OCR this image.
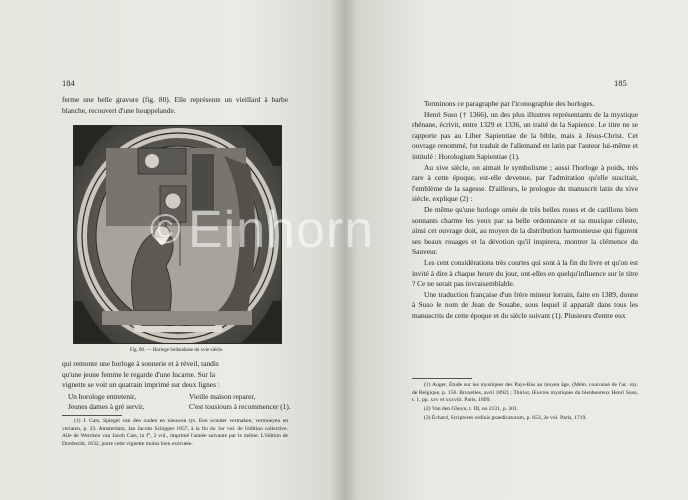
184

ferme une belle gravure (fig. 80). Elle représente un vieillard à barbe blanche, recouvert d'une houppelande.

Fig. 80. — Horloge hollandaise du xvie siècle.

qui remonte une horloge à sonnerie et à réveil, tandis

qu'une jeune femme le regarde d'une lucarne. Sur la

vignette se voit un quatrain imprimé sur deux lignes :

Un horologe entretenir,	Vieille maison reparer,
Jeunes dames à gré servir,	C'est tousiours à recommencer (1).

(1) J. Cats, Spiegel van den ouden en nieuwen tyt. Een wonder vermaken, vermoeyen en verlaten, p. 23. Amsterdam, Jan Jacobs Schipper 1657, à la fin du 1er vol. de l'édition collective. Alle de Wercken van Jacob Cats, in f°, 2 vol., imprimé l'année suivante par le même. L'édition de Dordrecht, 1632, porte cette vignette moins bien exécutée.

185

Terminons ce paragraphe par l'iconographie des horloges.

Henri Suso († 1366), un des plus illustres représentants de la mystique rhénane, écrivit, entre 1329 et 1336, un traité de la Sapience. Le titre ne se rapporte pas au Liber Sapientiae de la bible, mais à Jésus-Christ. Cet ouvrage renommé, fut traduit de l'allemand en latin par l'auteur lui-même et intitulé : Horologium Sapientiae (1).

Au xive siècle, on aimait le symbolisme ; aussi l'horloge à poids, très rare à cette époque, est-elle devenue, par l'admiration qu'elle suscitait, l'emblème de la sagesse. D'ailleurs, le prologue du manuscrit latin du xive siècle, explique (2) :

De même qu'une horloge ornée de très belles roues et de carillons bien sonnants charme les yeux par sa belle ordonnance et sa musique céleste, ainsi cet ouvrage doit, au moyen de la distribution harmonieuse qui figurent ses beaux rouages et la dévotion qu'il inspirera, montrer la clémence du Sauveur.

Les cent considérations très courtes qui sont à la fin du livre et qu'on est invité à dire à chaque heure du jour, ont-elles en quelqu'influence sur le titre ? Ce ne serait pas invraisemblable.

Une traduction française d'un frère mineur lorrain, faite en 1389, donne à Suso le nom de Jean de Souabe, sous lequel il apparaît dans tous les manuscrits de cette époque et du siècle suivant (1). Plusieurs d'entre eux

(1) Auger, Étude sur les mystiques des Pays-Bas au moyen âge, (Mém. couronné de l'ac. roy. de Belgique, p. 156. Bruxelles, avril 1892) ; Thiriot, Œuvres mystiques du bienheureux Henri Suso, t. 1, pp. xxv et xxxviii. Paris, 1899.

(2) Van den Gheyn, t. III, no 2131, p. 301.

(3) Échard, Scriptores ordinis praedicatorum, p. 653, 2e vol. Paris, 1719.

© Einhorn
